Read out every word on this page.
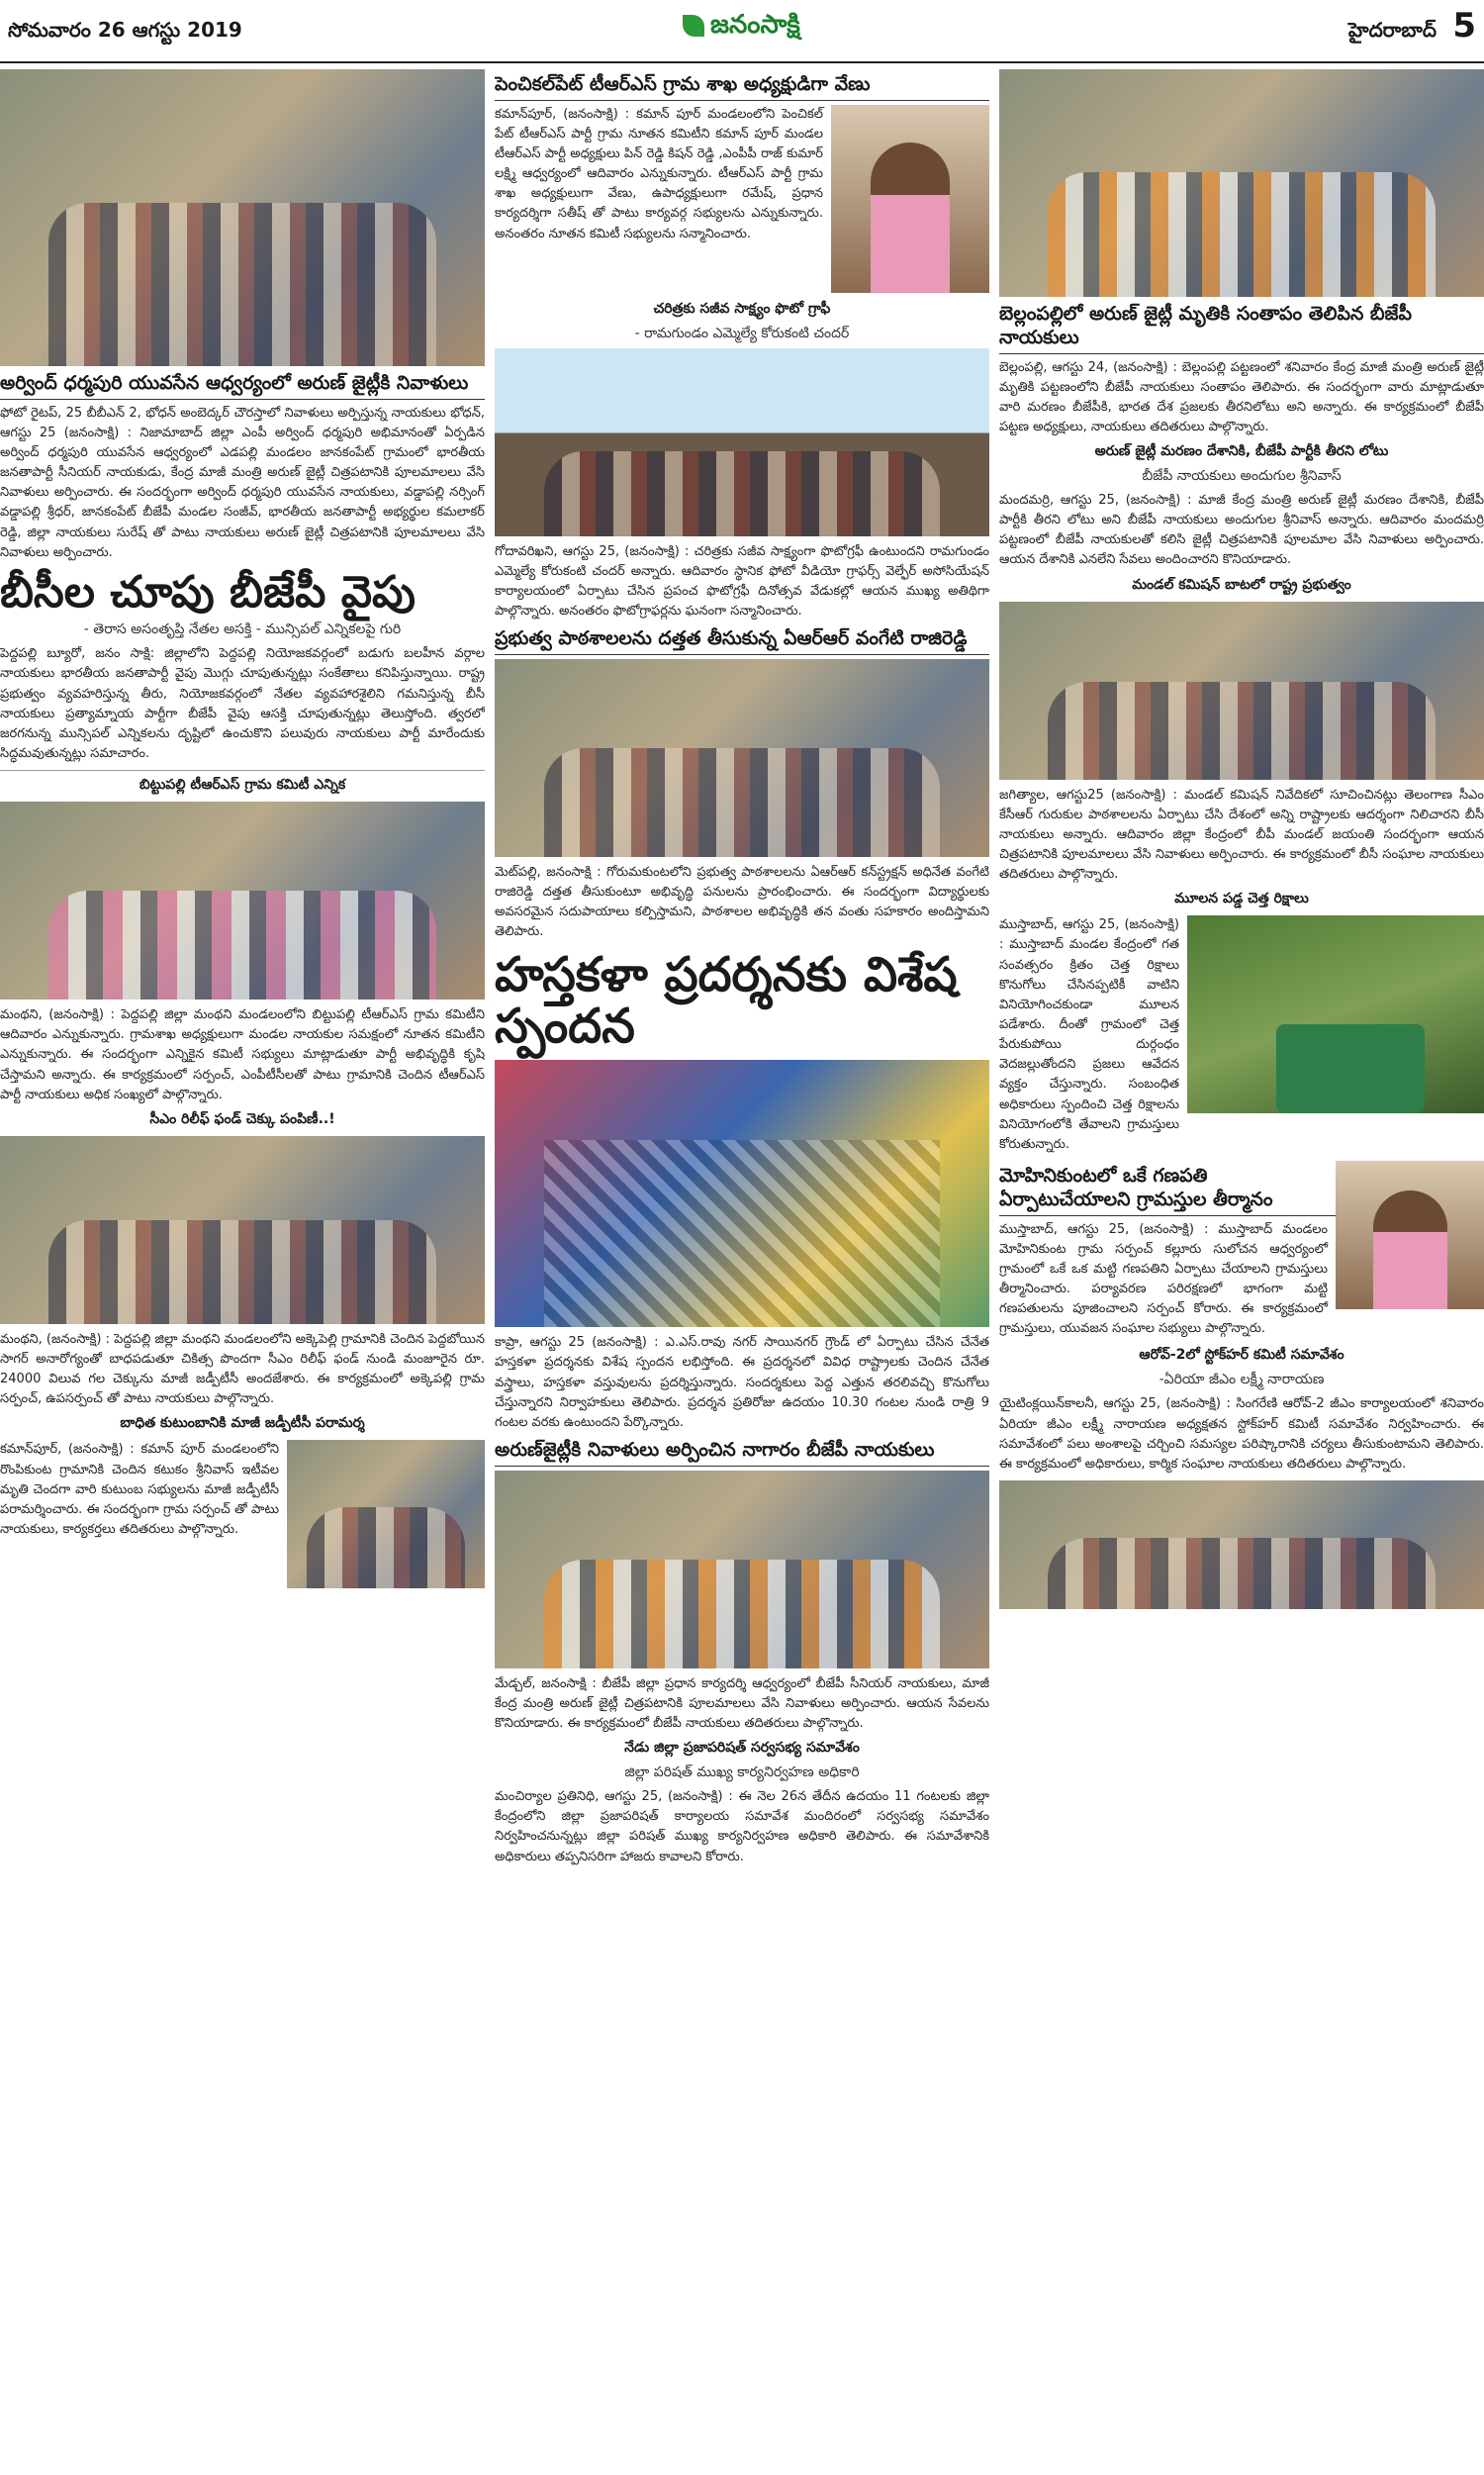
సోమవారం 26 ఆగస్టు 2019	జనంసాక్షి	హైదరాబాద్ 5
అర్వింద్ ధర్మపురి యువసేన ఆధ్వర్యంలో అరుణ్ జైట్లీకి నివాళులు
ఫోటో రైటప్, 25 బీబీఎన్ 2, భోధన్ అంబెద్కర్ చౌరస్తాలో నివాళులు అర్పిస్తున్న నాయకులు భోధన్, ఆగస్టు 25 (జనంసాక్షి) : నిజామాబాద్ జిల్లా ఎంపీ అర్వింద్ ధర్మపురి అభిమానంతో ఏర్పడిన అర్వింద్ ధర్మపురి యువసేన ఆధ్వర్యంలో ఎడపల్లి మండలం జానకంపేట్ గ్రామంలో భారతీయ జనతాపార్టీ సీనియర్ నాయకుడు, కేంద్ర మాజీ మంత్రి అరుణ్ జైట్లీ చిత్రపటానికి పూలమాలలు వేసి నివాళులు అర్పించారు. ఈ సందర్భంగా అర్వింద్ ధర్మపురి యువసేన నాయకులు, వడ్డాపల్లి నర్సింగ్ వడ్డాపల్లి శ్రీధర్, జానకంపేట్ బీజేపీ మండల సంజీవ్, భారతీయ జనతాపార్టీ అభ్యర్థుల కమలాకర్ రెడ్డి, జిల్లా నాయకులు సురేష్ తో పాటు నాయకులు అరుణ్ జైట్లీ చిత్రపటానికి పూలమాలలు వేసి నివాళులు అర్పించారు.
బీసీల చూపు బీజేపీ వైపు
- తెరాస అసంతృప్తి నేతల అసక్తి - మున్సిపల్ ఎన్నికలపై గురి
పెద్దపల్లి బ్యూరో, జనం సాక్షి: జిల్లాలోని పెద్దపల్లి నియోజకవర్గంలో బడుగు బలహీన వర్గాల నాయకులు భారతీయ జనతాపార్టీ వైపు మొగ్గు చూపుతున్నట్లు సంకేతాలు కనిపిస్తున్నాయి. రాష్ట్ర ప్రభుత్వం వ్యవహరిస్తున్న తీరు, నియోజకవర్గంలో నేతల వ్యవహారశైలిని గమనిస్తున్న బీసీ నాయకులు ప్రత్యామ్నాయ పార్టీగా బీజేపీ వైపు ఆసక్తి చూపుతున్నట్లు తెలుస్తోంది. త్వరలో జరగనున్న మున్సిపల్ ఎన్నికలను దృష్టిలో ఉంచుకొని పలువురు నాయకులు పార్టీ మారేందుకు సిద్ధమవుతున్నట్లు సమాచారం.
బిట్టుపల్లి టీఆర్ఎస్ గ్రామ కమిటీ ఎన్నిక
మంథని, (జనంసాక్షి) : పెద్దపల్లి జిల్లా మంథని మండలంలోని బిట్టుపల్లి టీఆర్ఎస్ గ్రామ కమిటీని ఆదివారం ఎన్నుకున్నారు. గ్రామశాఖ అధ్యక్షులుగా మండల నాయకుల సమక్షంలో నూతన కమిటీని ఎన్నుకున్నారు. ఈ సందర్భంగా ఎన్నికైన కమిటీ సభ్యులు మాట్లాడుతూ పార్టీ అభివృద్ధికి కృషి చేస్తామని అన్నారు. ఈ కార్యక్రమంలో సర్పంచ్, ఎంపీటీసీలతో పాటు గ్రామానికి చెందిన టీఆర్ఎస్ పార్టీ నాయకులు అధిక సంఖ్యలో పాల్గొన్నారు.
సీఎం రిలీఫ్ ఫండ్ చెక్కు పంపిణీ..!
మంథని, (జనంసాక్షి) : పెద్దపల్లి జిల్లా మంథని మండలంలోని అక్కెపెల్లి గ్రామానికి చెందిన పెద్దబోయిన సాగర్ అనారోగ్యంతో బాధపడుతూ చికిత్స పొందగా సీఎం రిలీఫ్ ఫండ్ నుండి మంజూరైన రూ. 24000 విలువ గల చెక్కును మాజీ జడ్పీటీసీ అందజేశారు. ఈ కార్యక్రమంలో అక్కెపల్లి గ్రామ సర్పంచ్, ఉపసర్పంచ్ తో పాటు నాయకులు పాల్గొన్నారు.
బాధిత కుటుంబానికి మాజీ జడ్పీటీసీ పరామర్శ
కమాన్‌పూర్, (జనంసాక్షి) : కమాన్ పూర్ మండలంలోని రొంపికుంట గ్రామానికి చెందిన కటుకం శ్రీనివాస్ ఇటీవల మృతి చెందగా వారి కుటుంబ సభ్యులను మాజీ జడ్పీటీసీ పరామర్శించారు. ఈ సందర్భంగా గ్రామ సర్పంచ్ తో పాటు నాయకులు, కార్యకర్తలు తదితరులు పాల్గొన్నారు.
పెంచికల్‌పేట్ టీఆర్ఎస్ గ్రామ శాఖ అధ్యక్షుడిగా వేణు
కమాన్‌పూర్, (జనంసాక్షి) : కమాన్ పూర్ మండలంలోని పెంచికల్ పేట్ టీఆర్ఎస్ పార్టీ గ్రామ నూతన కమిటీని కమాన్ పూర్ మండల టీఆర్ఎస్ పార్టీ అధ్యక్షులు పిన్ రెడ్డి కిషన్ రెడ్డి ,ఎంపీపీ రాజ్ కుమార్ లక్ష్మి ఆధ్వర్యంలో ఆదివారం ఎన్నుకున్నారు. టీఆర్ఎస్ పార్టీ గ్రామ శాఖ అధ్యక్షులుగా వేణు, ఉపాధ్యక్షులుగా రమేష్, ప్రధాన కార్యదర్శిగా సతీష్ తో పాటు కార్యవర్గ సభ్యులను ఎన్నుకున్నారు. అనంతరం నూతన కమిటీ సభ్యులను సన్మానించారు.
చరిత్రకు సజీవ సాక్ష్యం ఫొటో గ్రాఫీ
- రామగుండం ఎమ్మెల్యే కోరుకంటి చందర్
గోదావరిఖని, ఆగస్టు 25, (జనంసాక్షి) : చరిత్రకు సజీవ సాక్ష్యంగా ఫొటోగ్రఫీ ఉంటుందని రామగుండం ఎమ్మెల్యే కోరుకంటి చందర్ అన్నారు. ఆదివారం స్థానిక ఫోటో వీడియో గ్రాఫర్స్ వెల్ఫేర్ అసోసియేషన్ కార్యాలయంలో ఏర్పాటు చేసిన ప్రపంచ ఫొటోగ్రఫీ దినోత్సవ వేడుకల్లో ఆయన ముఖ్య అతిథిగా పాల్గొన్నారు. అనంతరం ఫొటోగ్రాఫర్లను ఘనంగా సన్మానించారు.
ప్రభుత్వ పాఠశాలలను దత్తత తీసుకున్న ఏఆర్ఆర్ వంగేటి రాజిరెడ్డి
మెట్‌పల్లి, జనంసాక్షి : గోరుమకుంటలోని ప్రభుత్వ పాఠశాలలను ఏఆర్ఆర్ కన్‌స్ట్రక్షన్ అధినేత వంగేటి రాజిరెడ్డి దత్తత తీసుకుంటూ అభివృద్ధి పనులను ప్రారంభించారు. ఈ సందర్భంగా విద్యార్థులకు అవసరమైన సదుపాయాలు కల్పిస్తామని, పాఠశాలల అభివృద్ధికి తన వంతు సహకారం అందిస్తామని తెలిపారు.
హస్తకళా ప్రదర్శనకు విశేష స్పందన
కాప్రా, ఆగస్టు 25 (జనంసాక్షి) : ఎ.ఎస్.రావు నగర్ సాయినగర్ గ్రౌండ్ లో ఏర్పాటు చేసిన చేనేత హస్తకళా ప్రదర్శనకు విశేష స్పందన లభిస్తోంది. ఈ ప్రదర్శనలో వివిధ రాష్ట్రాలకు చెందిన చేనేత వస్త్రాలు, హస్తకళా వస్తువులను ప్రదర్శిస్తున్నారు. సందర్శకులు పెద్ద ఎత్తున తరలివచ్చి కొనుగోలు చేస్తున్నారని నిర్వాహకులు తెలిపారు. ప్రదర్శన ప్రతిరోజు ఉదయం 10.30 గంటల నుండి రాత్రి 9 గంటల వరకు ఉంటుందని పేర్కొన్నారు.
అరుణ్‌జైట్లీకి నివాళులు అర్పించిన నాగారం బీజేపీ నాయకులు
మేడ్చల్, జనంసాక్షి : బీజేపీ జిల్లా ప్రధాన కార్యదర్శి ఆధ్వర్యంలో బీజేపీ సీనియర్ నాయకులు, మాజీ కేంద్ర మంత్రి అరుణ్ జైట్లీ చిత్రపటానికి పూలమాలలు వేసి నివాళులు అర్పించారు. ఆయన సేవలను కొనియాడారు. ఈ కార్యక్రమంలో బీజేపీ నాయకులు తదితరులు పాల్గొన్నారు.
నేడు జిల్లా ప్రజాపరిషత్ సర్వసభ్య సమావేశం
జిల్లా పరిషత్ ముఖ్య కార్యనిర్వహణ అధికారి
మంచిర్యాల ప్రతినిధి, ఆగస్టు 25, (జనంసాక్షి) : ఈ నెల 26న తేదీన ఉదయం 11 గంటలకు జిల్లా కేంద్రంలోని జిల్లా ప్రజాపరిషత్ కార్యాలయ సమావేశ మందిరంలో సర్వసభ్య సమావేశం నిర్వహించనున్నట్లు జిల్లా పరిషత్ ముఖ్య కార్యనిర్వహణ అధికారి తెలిపారు. ఈ సమావేశానికి అధికారులు తప్పనిసరిగా హాజరు కావాలని కోరారు.
బెల్లంపల్లిలో అరుణ్ జైట్లీ మృతికి సంతాపం తెలిపిన బీజేపీ నాయకులు
బెల్లంపల్లి, ఆగస్టు 24, (జనంసాక్షి) : బెల్లంపల్లి పట్టణంలో శనివారం కేంద్ర మాజీ మంత్రి అరుణ్ జైట్లీ మృతికి పట్టణంలోని బీజేపీ నాయకులు సంతాపం తెలిపారు. ఈ సందర్భంగా వారు మాట్లాడుతూ వారి మరణం బీజేపీకి, భారత దేశ ప్రజలకు తీరనిలోటు అని అన్నారు. ఈ కార్యక్రమంలో బీజేపీ పట్టణ అధ్యక్షులు, నాయకులు తదితరులు పాల్గొన్నారు.
అరుణ్ జైట్లీ మరణం దేశానికి, బీజేపీ పార్టీకి తీరని లోటు
బీజేపీ నాయకులు అందుగుల శ్రీనివాస్
మందమర్రి, ఆగస్టు 25, (జనంసాక్షి) : మాజీ కేంద్ర మంత్రి అరుణ్ జైట్లీ మరణం దేశానికి, బీజేపీ పార్టీకి తీరని లోటు అని బీజేపీ నాయకులు అందుగుల శ్రీనివాస్ అన్నారు. ఆదివారం మందమర్రి పట్టణంలో బీజేపీ నాయకులతో కలిసి జైట్లీ చిత్రపటానికి పూలమాల వేసి నివాళులు అర్పించారు. ఆయన దేశానికి ఎనలేని సేవలు అందించారని కొనియాడారు.
మండల్ కమిషన్ బాటలో రాష్ట్ర ప్రభుత్వం
జగిత్యాల, ఆగస్టు25 (జనంసాక్షి) : మండల్ కమిషన్ నివేదికలో సూచించినట్లు తెలంగాణ సీఎం కేసీఆర్ గురుకుల పాఠశాలలను ఏర్పాటు చేసి దేశంలో అన్ని రాష్ట్రాలకు ఆదర్శంగా నిలిచారని బీసీ నాయకులు అన్నారు. ఆదివారం జిల్లా కేంద్రంలో బీపీ మండల్ జయంతి సందర్భంగా ఆయన చిత్రపటానికి పూలమాలలు వేసి నివాళులు అర్పించారు. ఈ కార్యక్రమంలో బీసీ సంఘాల నాయకులు తదితరులు పాల్గొన్నారు.
మూలన పడ్డ చెత్త రిక్షాలు
ముస్తాబాద్, ఆగస్టు 25, (జనంసాక్షి) : ముస్తాబాద్ మండల కేంద్రంలో గత సంవత్సరం క్రితం చెత్త రిక్షాలు కొనుగోలు చేసినప్పటికీ వాటిని వినియోగించకుండా మూలన పడేశారు. దీంతో గ్రామంలో చెత్త పేరుకుపోయి దుర్గంధం వెదజల్లుతోందని ప్రజలు ఆవేదన వ్యక్తం చేస్తున్నారు. సంబంధిత అధికారులు స్పందించి చెత్త రిక్షాలను వినియోగంలోకి తేవాలని గ్రామస్తులు కోరుతున్నారు.
మోహినికుంటలో ఒకే గణపతి ఏర్పాటుచేయాలని గ్రామస్తుల తీర్మానం
ముస్తాబాద్, ఆగస్టు 25, (జనంసాక్షి) : ముస్తాబాద్ మండలం మోహినికుంట గ్రామ సర్పంచ్ కల్లూరు సులోచన ఆధ్వర్యంలో గ్రామంలో ఒకే ఒక మట్టి గణపతిని ఏర్పాటు చేయాలని గ్రామస్తులు తీర్మానించారు. పర్యావరణ పరిరక్షణలో భాగంగా మట్టి గణపతులను పూజించాలని సర్పంచ్ కోరారు. ఈ కార్యక్రమంలో గ్రామస్తులు, యువజన సంఘాల సభ్యులు పాల్గొన్నారు.
ఆరోవ్-2లో స్టోక్‌హర్ కమిటీ సమావేశం
-ఏరియా జీఎం లక్ష్మీ నారాయణ
యైటింక్లయిన్‌కాలనీ, ఆగస్టు 25, (జనంసాక్షి) : సింగరేణి ఆరోవ్-2 జీఎం కార్యాలయంలో శనివారం ఏరియా జీఎం లక్ష్మీ నారాయణ అధ్యక్షతన స్టోక్‌హర్ కమిటీ సమావేశం నిర్వహించారు. ఈ సమావేశంలో పలు అంశాలపై చర్చించి సమస్యల పరిష్కారానికి చర్యలు తీసుకుంటామని తెలిపారు. ఈ కార్యక్రమంలో అధికారులు, కార్మిక సంఘాల నాయకులు తదితరులు పాల్గొన్నారు.
